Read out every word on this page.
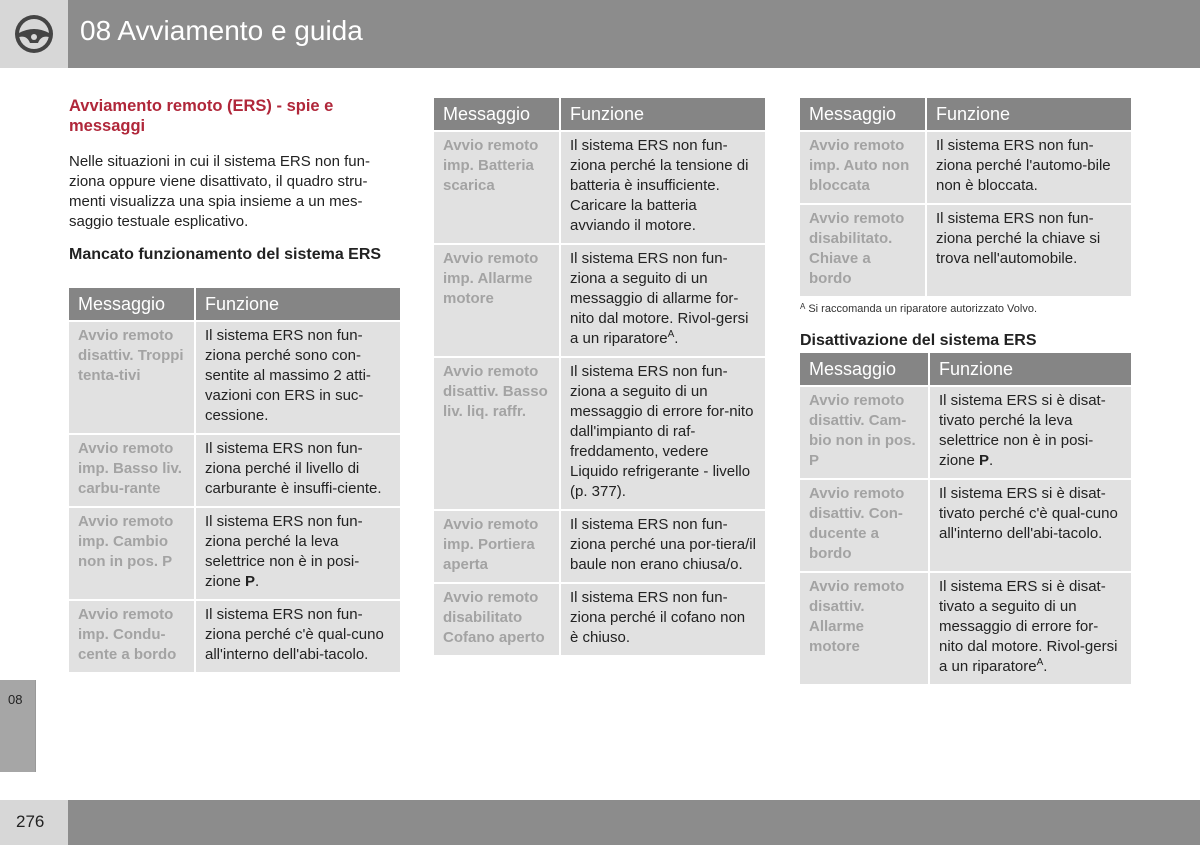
08 Avviamento e guida
08
Avviamento remoto (ERS) - spie e messaggi
Nelle situazioni in cui il sistema ERS non fun-ziona oppure viene disattivato, il quadro stru-menti visualizza una spia insieme a un mes-saggio testuale esplicativo.
Mancato funzionamento del sistema ERS
Messaggio	Funzione
Avvio remoto disattiv. Troppi tenta-tivi	Il sistema ERS non fun-ziona perché sono con-sentite al massimo 2 atti-vazioni con ERS in suc-cessione.
Avvio remoto imp. Basso liv. carbu-rante	Il sistema ERS non fun-ziona perché il livello di carburante è insuffi-ciente.
Avvio remoto imp. Cambio non in pos. P	Il sistema ERS non fun-ziona perché la leva selettrice non è in posi-zione P.
Avvio remoto imp. Condu-cente a bordo	Il sistema ERS non fun-ziona perché c'è qual-cuno all'interno dell'abi-tacolo.
Messaggio	Funzione
Avvio remoto imp. Batteria scarica	Il sistema ERS non fun-ziona perché la tensione di batteria è insufficiente. Caricare la batteria avviando il motore.
Avvio remoto imp. Allarme motore	Il sistema ERS non fun-ziona a seguito di un messaggio di allarme for-nito dal motore. Rivol-gersi a un riparatore$^A$.
Avvio remoto disattiv. Basso liv. liq. raffr.	Il sistema ERS non fun-ziona a seguito di un messaggio di errore for-nito dall'impianto di raf-freddamento, vedere Liquido refrigerante - livello (p. 377).
Avvio remoto imp. Portiera aperta	Il sistema ERS non fun-ziona perché una por-tiera/il baule non erano chiusa/o.
Avvio remoto disabilitato Cofano aperto	Il sistema ERS non fun-ziona perché il cofano non è chiuso.
Messaggio	Funzione
Avvio remoto imp. Auto non bloccata	Il sistema ERS non fun-ziona perché l'automo-bile non è bloccata.
Avvio remoto disabilitato. Chiave a bordo	Il sistema ERS non fun-ziona perché la chiave si trova nell'automobile.
$^A$ Si raccomanda un riparatore autorizzato Volvo.
Disattivazione del sistema ERS
Messaggio	Funzione
Avvio remoto disattiv. Cam-bio non in pos. P	Il sistema ERS si è disat-tivato perché la leva selettrice non è in posi-zione P.
Avvio remoto disattiv. Con-ducente a bordo	Il sistema ERS si è disat-tivato perché c'è qual-cuno all'interno dell'abi-tacolo.
Avvio remoto disattiv. Allarme motore	Il sistema ERS si è disat-tivato a seguito di un messaggio di errore for-nito dal motore. Rivol-gersi a un riparatore$^A$.
276
